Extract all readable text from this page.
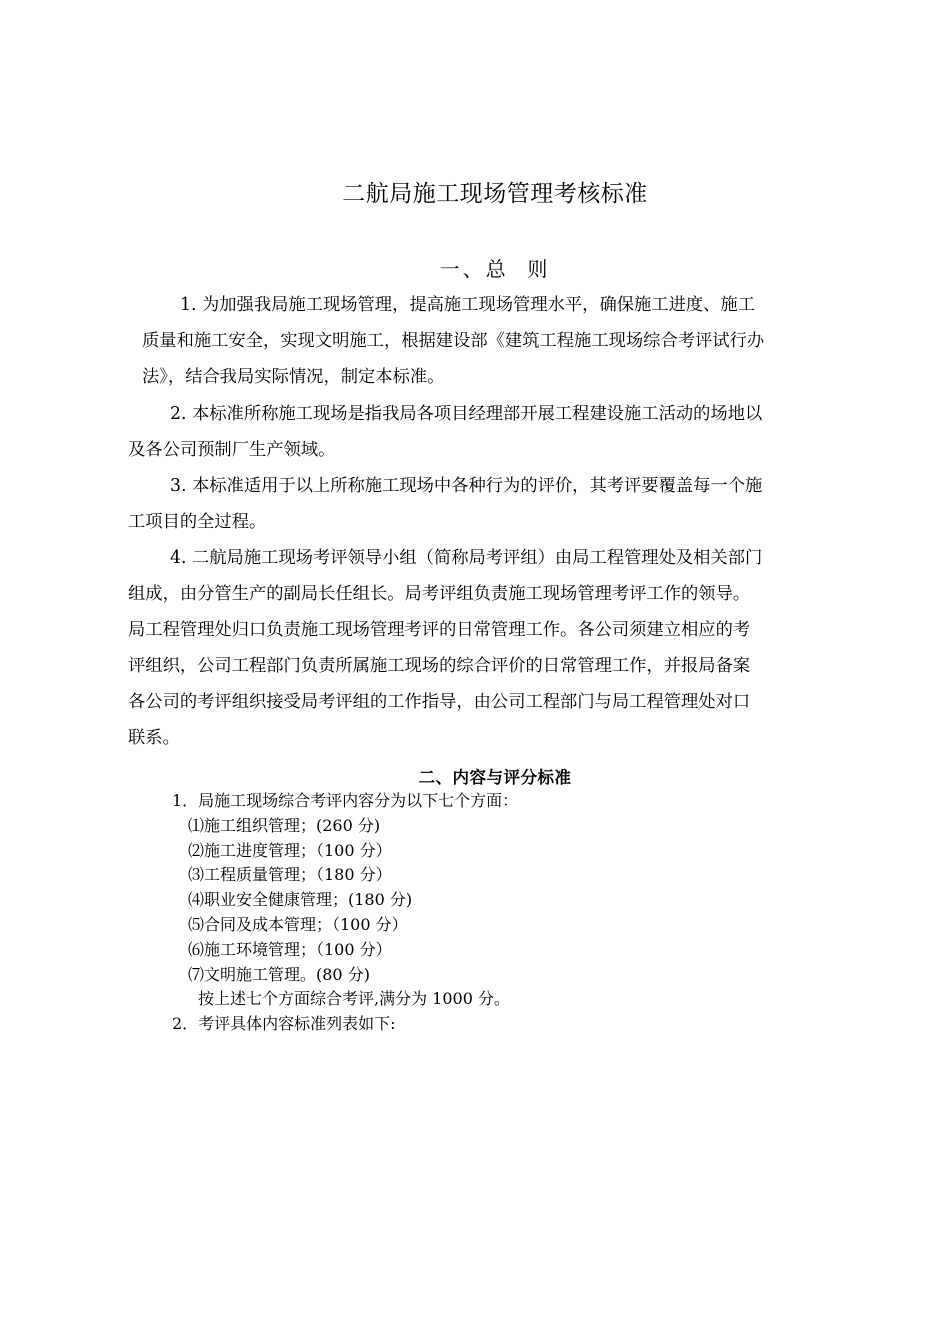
二航局施工现场管理考核标准
一、总  则
1. 为加强我局施工现场管理，提高施工现场管理水平，确保施工进度、施工
质量和施工安全，实现文明施工，根据建设部《建筑工程施工现场综合考评试行办
法》，结合我局实际情况，制定本标准。
2. 本标准所称施工现场是指我局各项目经理部开展工程建设施工活动的场地以
及各公司预制厂生产领域。
3. 本标准适用于以上所称施工现场中各种行为的评价，其考评要覆盖每一个施
工项目的全过程。
4. 二航局施工现场考评领导小组（简称局考评组）由局工程管理处及相关部门
组成，由分管生产的副局长任组长。局考评组负责施工现场管理考评工作的领导。
局工程管理处归口负责施工现场管理考评的日常管理工作。各公司须建立相应的考
评组织，公司工程部门负责所属施工现场的综合评价的日常管理工作，并报局备案
各公司的考评组织接受局考评组的工作指导，由公司工程部门与局工程管理处对口
联系。
二、内容与评分标准
1．局施工现场综合考评内容分为以下七个方面：
⑴施工组织管理；(260 分)
⑵施工进度管理；（100 分）
⑶工程质量管理；（180 分）
⑷职业安全健康管理；(180 分)
⑸合同及成本管理；（100 分）
⑹施工环境管理；（100 分）
⑺文明施工管理。(80 分)
按上述七个方面综合考评,满分为 1000 分。
2．考评具体内容标准列表如下:
